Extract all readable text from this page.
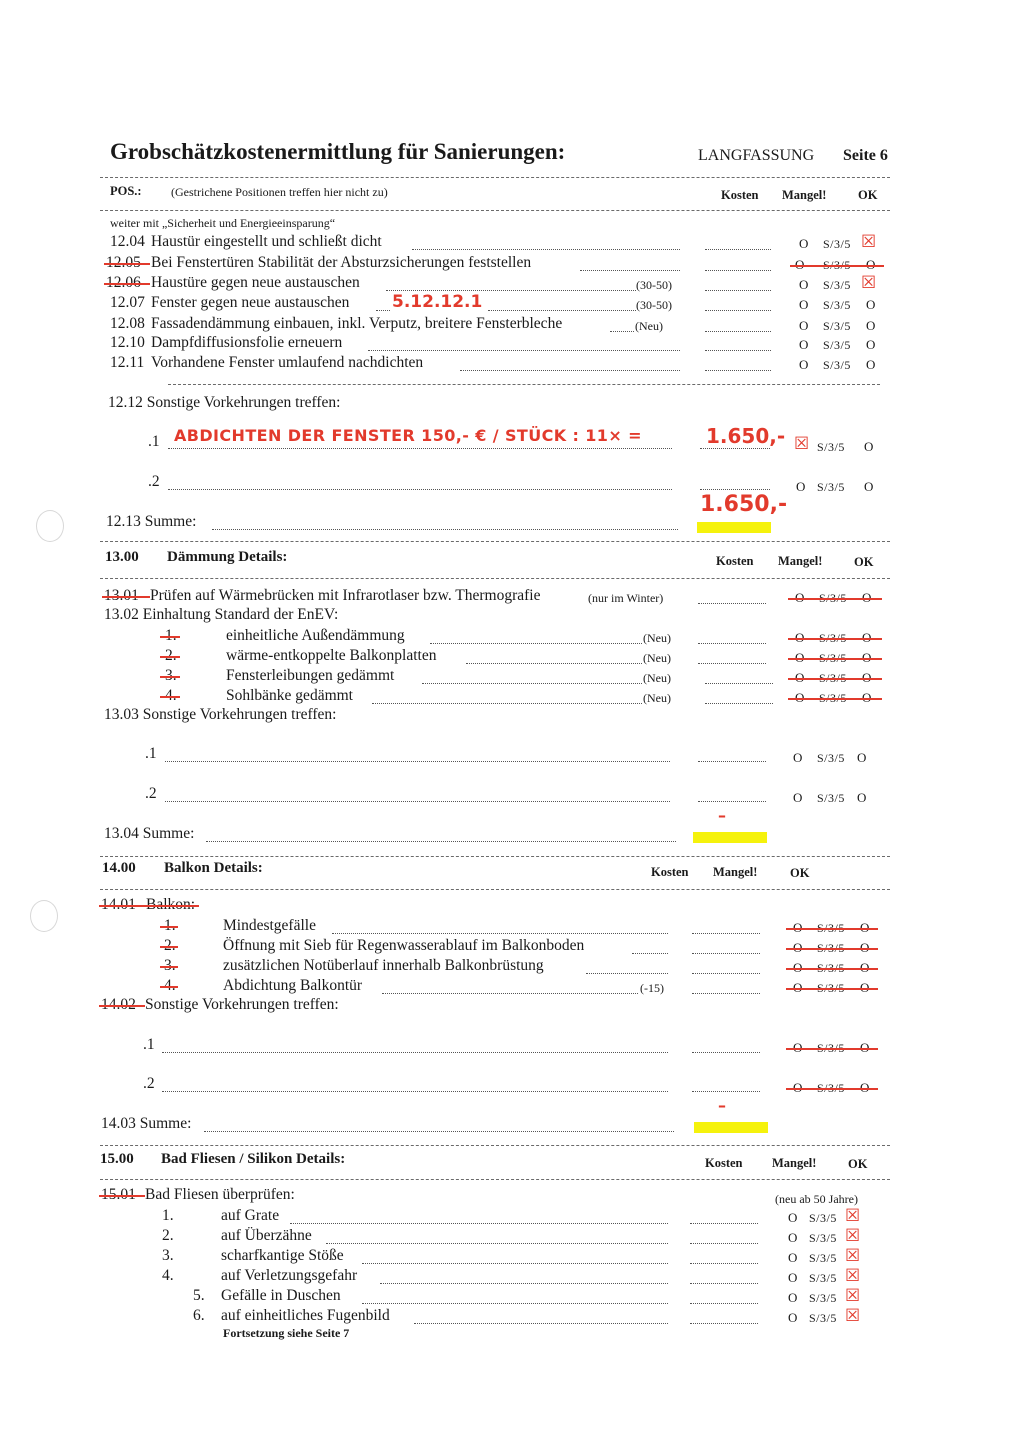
Grobschätzkostenermittlung für Sanierungen:	LANGFASSUNG Seite 6
POS.: (Gestrichene Positionen treffen hier nicht zu)	Kosten Mangel!	OK
weiter mit „Sicherheit und Energieeinsparung“
12.04 Haustür eingestellt und schließt dicht	O S/3/5 ☒
12.05 Bei Fenstertüren Stabilität der Absturzsicherungen feststellen	O S/3/5 O
12.06 Haustüre gegen neue austauschen	(30-50)	O S/3/5 ☒
12.07 Fenster gegen neue austauschen	5.12.12.1	(30-50)	O S/3/5 O
12.08 Fassadendämmung einbauen, inkl. Verputz, breitere Fensterbleche	(Neu)	O S/3/5 O
12.10 Dampfdiffusionsfolie erneuern	O S/3/5 O
12.11 Vorhandene Fenster umlaufend nachdichten	O S/3/5 O
12.12 Sonstige Vorkehrungen treffen:
.1 ABDICHTEN DER FENSTER 150,- € / STÜCK : 11× =	1.650,- ☒ S/3/5 O
.2	O S/3/5 O
12.13 Summe:
1.650,-
13.00 Dämmung Details:	Kosten Mangel!	OK
13.01 Prüfen auf Wärmebrücken mit Infrarotlaser bzw. Thermografie	(nur im Winter)	O S/3/5 O
13.02 Einhaltung Standard der EnEV:
1.	einheitliche Außendämmung	(Neu)	O S/3/5 O
2.	wärme-entkoppelte Balkonplatten	(Neu)	O S/3/5 O
3.	Fensterleibungen gedämmt	(Neu)	O S/3/5 O
4.	Sohlbänke gedämmt	(Neu)	O S/3/5 O
13.03 Sonstige Vorkehrungen treffen:
.1	O S/3/5 O
.2	O S/3/5 O
13.04 Summe:
–
14.00 Balkon Details:	Kosten Mangel!	OK
14.01 Balkon:
1.	Mindestgefälle	O S/3/5 O
2.	Öffnung mit Sieb für Regenwasserablauf im Balkonboden	O S/3/5 O
3.	zusätzlichen Notüberlauf innerhalb Balkonbrüstung	O S/3/5 O
4.	Abdichtung Balkontür	(-15)	O S/3/5 O
14.02 Sonstige Vorkehrungen treffen:
.1	O S/3/5 O
.2	O S/3/5 O
14.03 Summe:
–
15.00 Bad Fliesen / Silikon Details:	Kosten Mangel!	OK
15.01 Bad Fliesen überprüfen:	(neu ab 50 Jahre)
1.	auf Grate	O S/3/5 ☒
2.	auf Überzähne	O S/3/5 ☒
3.	scharfkantige Stöße	O S/3/5 ☒
4.	auf Verletzungsgefahr	O S/3/5 ☒
5. Gefälle in Duschen	O S/3/5 ☒
6. auf einheitliches Fugenbild	O S/3/5 ☒
Fortsetzung siehe Seite 7
